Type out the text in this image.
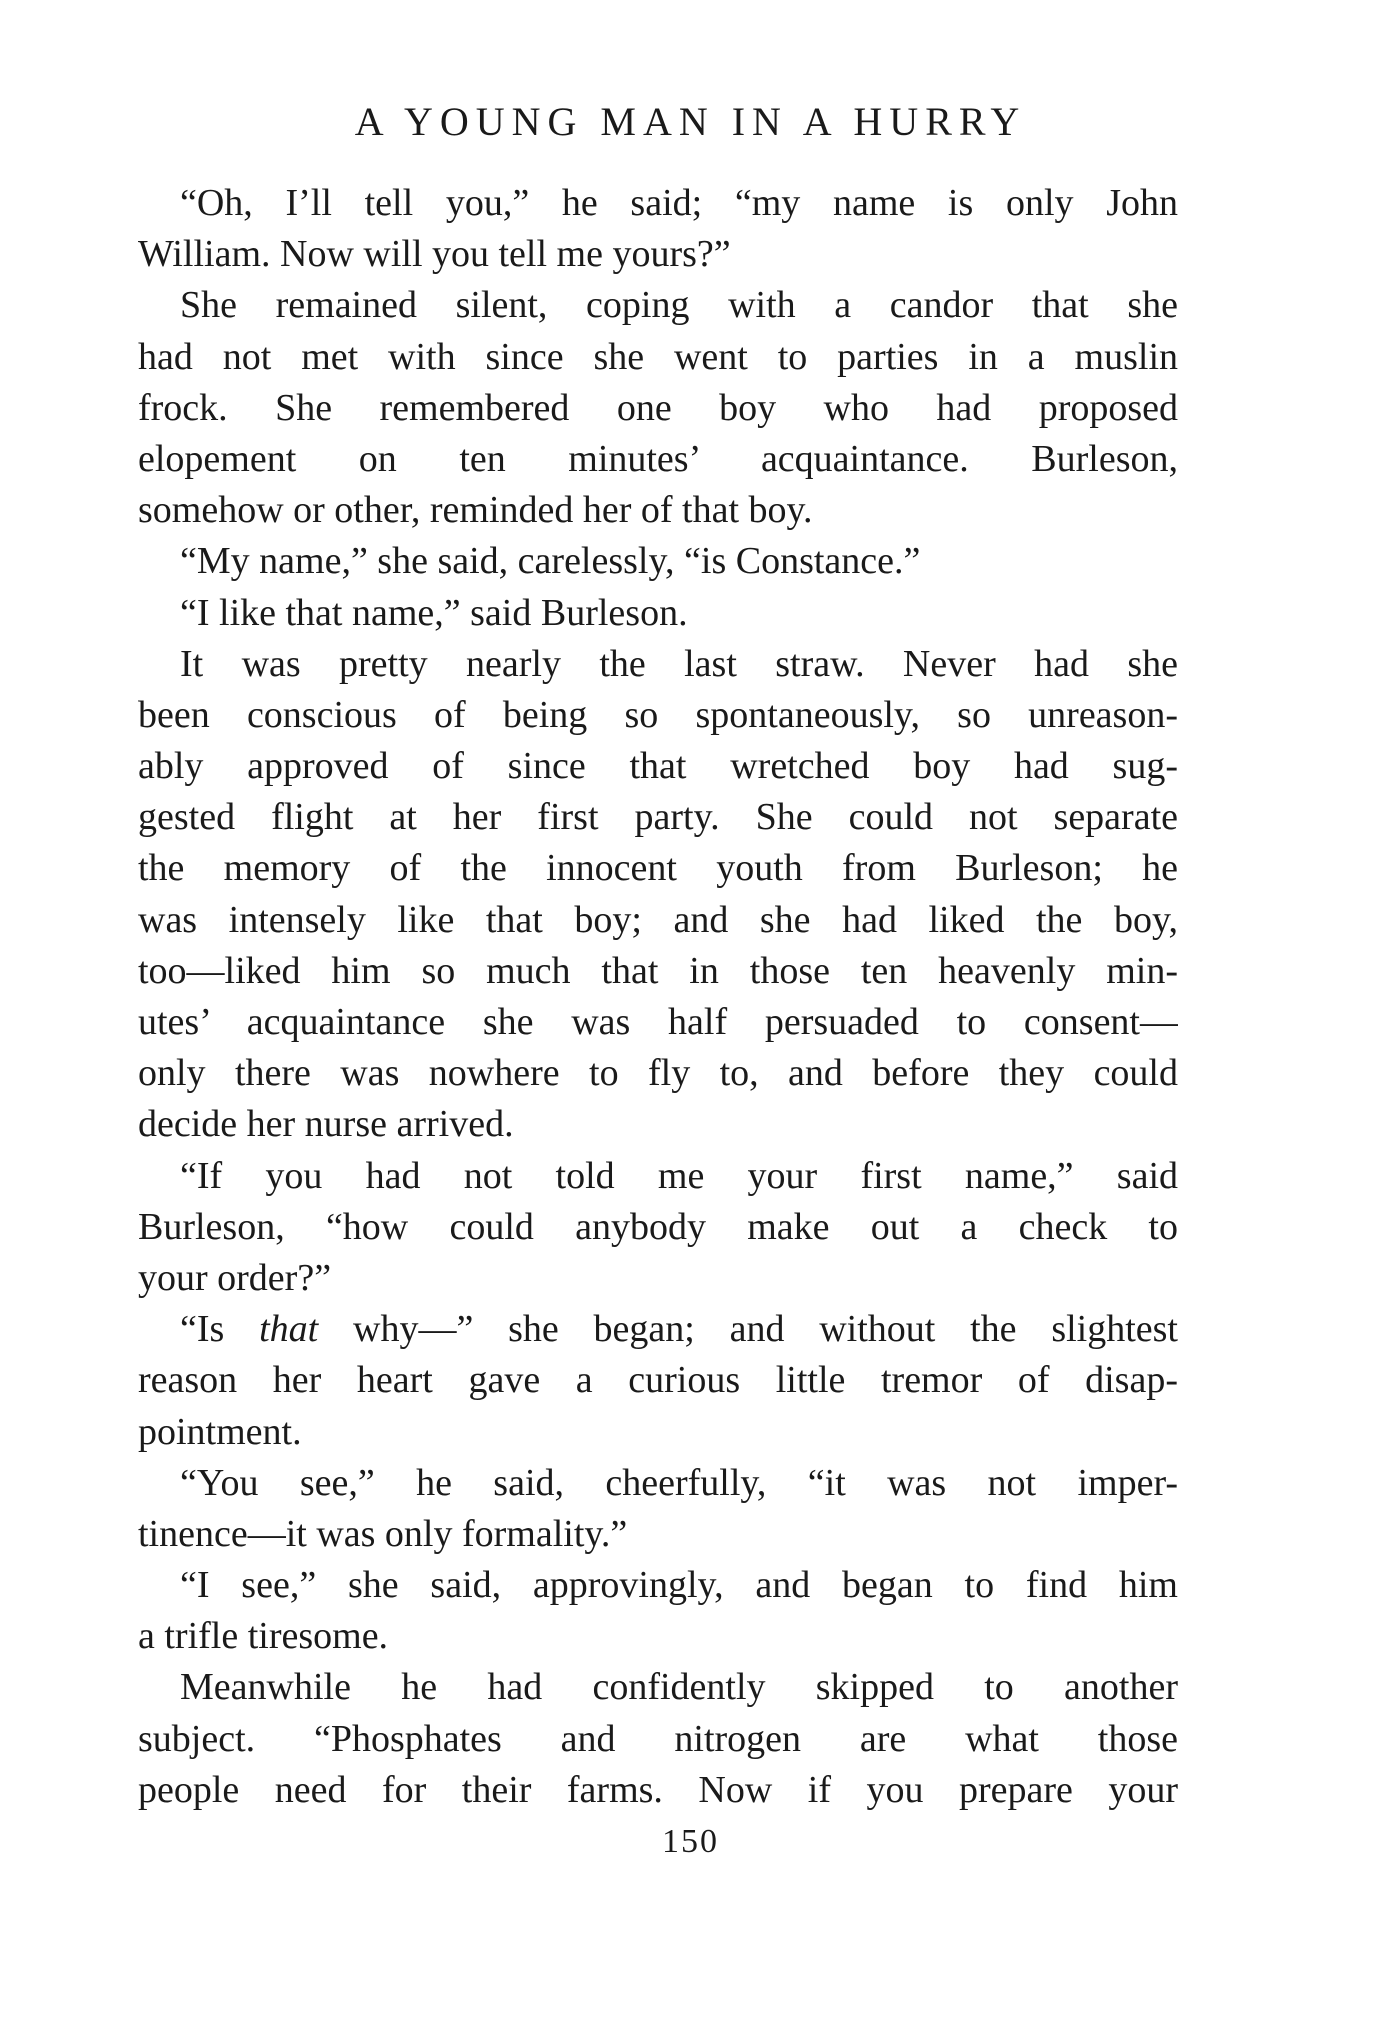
A YOUNG MAN IN A HURRY
“Oh, I’ll tell you,” he said; “my name is only John
William. Now will you tell me yours?”
She remained silent, coping with a candor that she
had not met with since she went to parties in a muslin
frock. She remembered one boy who had proposed
elopement on ten minutes’ acquaintance. Burleson,
somehow or other, reminded her of that boy.
“My name,” she said, carelessly, “is Constance.”
“I like that name,” said Burleson.
It was pretty nearly the last straw. Never had she
been conscious of being so spontaneously, so unreason-
ably approved of since that wretched boy had sug-
gested flight at her first party. She could not separate
the memory of the innocent youth from Burleson; he
was intensely like that boy; and she had liked the boy,
too—liked him so much that in those ten heavenly min-
utes’ acquaintance she was half persuaded to consent—
only there was nowhere to fly to, and before they could
decide her nurse arrived.
“If you had not told me your first name,” said
Burleson, “how could anybody make out a check to
your order?”
“Is that why—” she began; and without the slightest
reason her heart gave a curious little tremor of disap-
pointment.
“You see,” he said, cheerfully, “it was not imper-
tinence—it was only formality.”
“I see,” she said, approvingly, and began to find him
a trifle tiresome.
Meanwhile he had confidently skipped to another
subject. “Phosphates and nitrogen are what those
people need for their farms. Now if you prepare your
150
